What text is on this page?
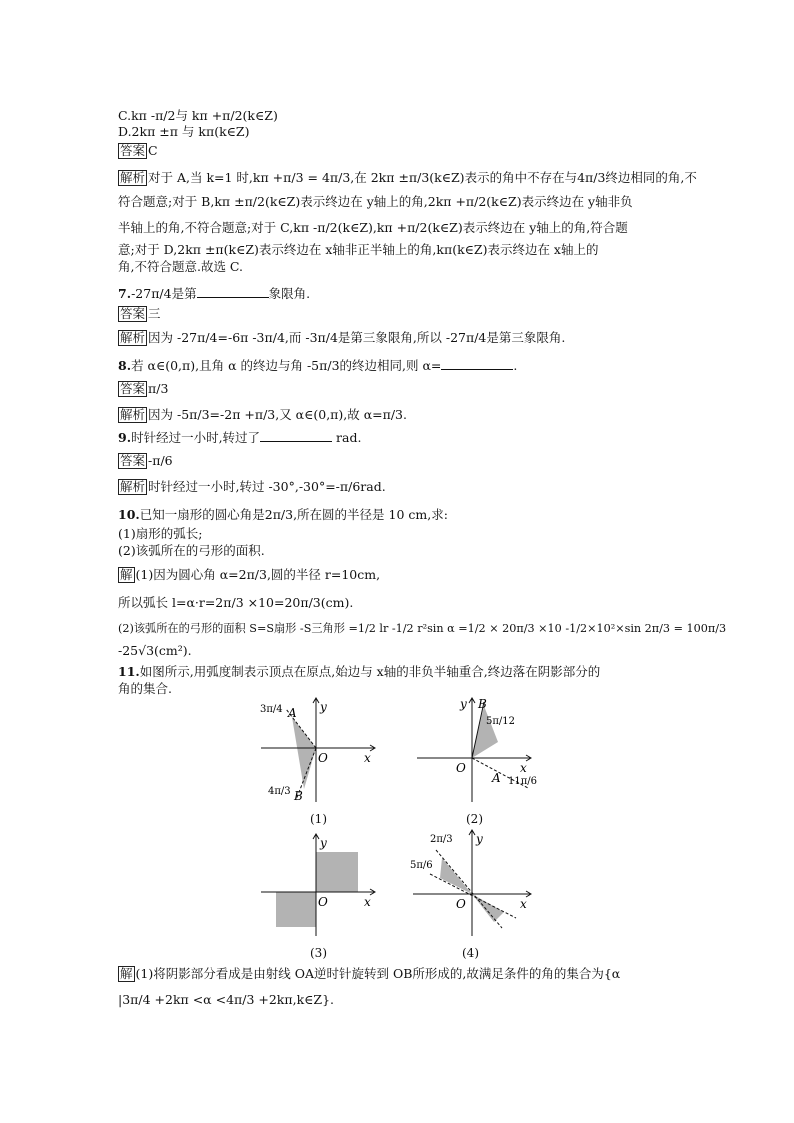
C.kπ -π/2与 kπ +π/2(k∈Z)
D.2kπ ±π 与 kπ(k∈Z)
答案 C
解析 对于 A,当 k=1 时,kπ +π/3 = 4π/3,在 2kπ ±π/3(k∈Z)表示的角中不存在与4π/3终边相同的角,不
符合题意;对于 B,kπ ±π/2(k∈Z)表示终边在 y轴上的角,2kπ +π/2(k∈Z)表示终边在 y轴非负
半轴上的角,不符合题意;对于 C,kπ -π/2(k∈Z),kπ +π/2(k∈Z)表示终边在 y轴上的角,符合题
意;对于 D,2kπ ±π(k∈Z)表示终边在 x轴非正半轴上的角,kπ(k∈Z)表示终边在 x轴上的
角,不符合题意.故选 C.
7.-27π/4是第	象限角.
答案 三
解析 因为 -27π/4=-6π -3π/4,而 -3π/4是第三象限角,所以 -27π/4是第三象限角.
8.若 α∈(0,π),且角 α 的终边与角 -5π/3的终边相同,则 α=	.
答案 π/3
解析 因为 -5π/3=-2π +π/3,又 α∈(0,π),故 α=π/3.
9.时针经过一小时,转过了	rad.
答案 -π/6
解析 时针经过一小时,转过 -30°,-30°=-π/6rad.
10.已知一扇形的圆心角是2π/3,所在圆的半径是 10 cm,求:
(1)扇形的弧长;
(2)该弧所在的弓形的面积.
解 (1)因为圆心角 α=2π/3,圆的半径 r=10cm,
所以弧长 l=α·r=2π/3 ×10=20π/3(cm).
(2)该弧所在的弓形的面积 S=S扇形 -S三角形 =1/2 lr -1/2 r²sin α =1/2 × 20π/3 ×10 -1/2×10²×sin 2π/3 = 100π/3
-25√3(cm²).
11.如图所示,用弧度制表示顶点在原点,始边与 x轴的非负半轴重合,终边落在阴影部分的
角的集合.
y
x
O
A
B
3π/4
4π/3
(1)
y
x
O
B
A
5π/12
11π/6
(2)
y
x
O
(3)
y
x
O
2π/3
5π/6
(4)
解 (1)将阴影部分看成是由射线 OA逆时针旋转到 OB所形成的,故满足条件的角的集合为{α
|3π/4 +2kπ <α <4π/3 +2kπ,k∈Z}.
